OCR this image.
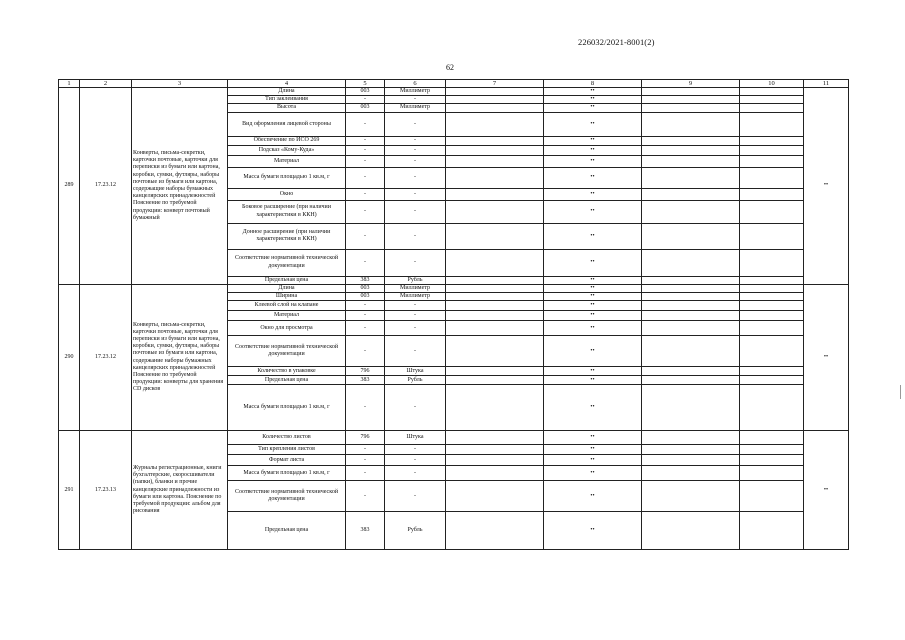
226032/2021-8001(2)
62
1	2	3	4	5	6	7	8	9	10	11
289	17.23.12	Конверты, письма-секретки, карточки почтовые, карточки для переписки из бумаги или картона, коробки, сумки, футляры, наборы почтовые из бумаги или картона, содержащие наборы бумажных канцелярских принадлежностей Пояснение по требуемой продукции: конверт почтовый бумажный	Длина	003	Миллиметр		••			••
			Тип заклеивания	-	-		••			
			Высота	003	Миллиметр		••			
			Вид оформления лицевой стороны	-	-		••			
			Обеспечение по ИСО 269	-	-		••			
			Подсказ «Кому-Куда»	-	-		••			
			Материал	-	-		••			
			Масса бумаги площадью 1 кв.м, г	-	-		••			
			Окно	-	-		••			
			Боковое расширение (при наличии характеристики в ККН)	-	-		••			
			Донное расширение (при наличии характеристики в ККН)	-	-		••			
			Соответствие нормативной технической документации	-	-		••			
			Предельная цена	383	Рубль		••			
290	17.23.12	Конверты, письма-секретки, карточки почтовые, карточки для переписки из бумаги или картона, коробки, сумки, футляры, наборы почтовые из бумаги или картона, содержание наборы бумажных канцелярских принадлежностей Пояснение по требуемой продукции: конверты для хранения CD дисков	Длина	003	Миллиметр		••			••
			Ширина	003	Миллиметр		••			
			Клеевой слой на клапане	-	-		••			
			Материал	-	-		••			
			Окно для просмотра	-	-		••			
			Соответствие нормативной технической документации	-	-		••			
			Количество в упаковке	796	Штука		••			
			Предельная цена	383	Рубль		••			
			Масса бумаги площадью 1 кв.м, г	-	-		••			
291	17.23.13	Журналы регистрационные, книги бухгалтерские, скоросшиватели (папки), бланки и прочие канцелярские принадлежности из бумаги или картона. Пояснение по требуемой продукции: альбом для рисования	Количество листов	796	Штука		••			••
			Тип крепления листов	-	-		••			
			Формат листа	-	-		••			
			Масса бумаги площадью 1 кв.м, г	-	-		••			
			Соответствие нормативной технической документации	-	-		••			
			Предельная цена	383	Рубль		••			
